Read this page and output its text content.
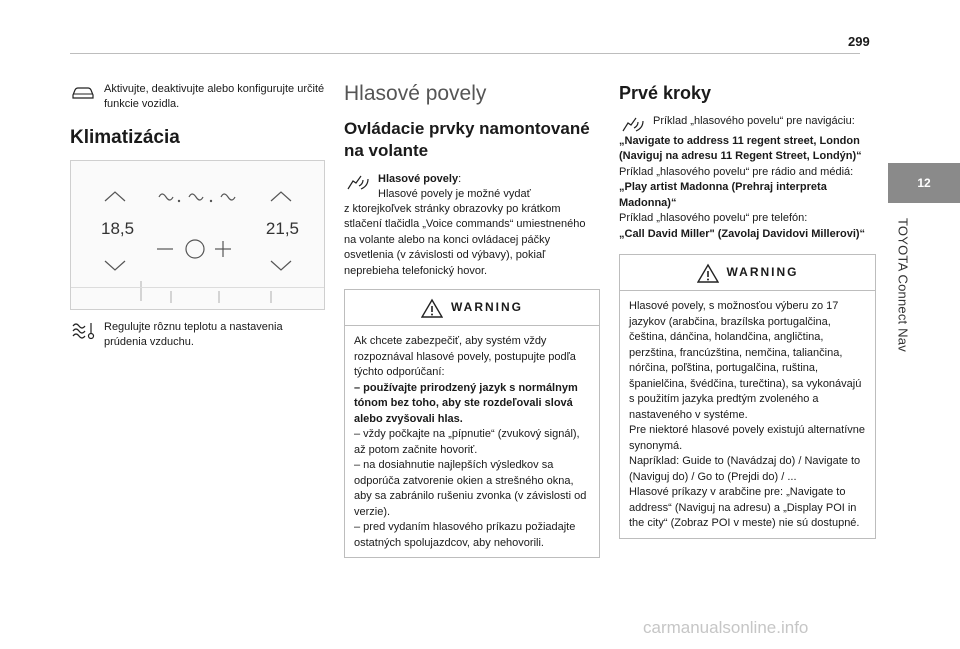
299
12
TOYOTA Connect Nav
Aktivujte, deaktivujte alebo konfigurujte určité funkcie vozidla.
Klimatizácia
18,5	21,5
Regulujte rôznu teplotu a nastavenia prúdenia vzduchu.
Hlasové povely
Ovládacie prvky namontované na volante
Hlasové povely:
Hlasové povely je možné vydať
z ktorejkoľvek stránky obrazovky po krátkom stlačení tlačidla „Voice commands“ umiestneného na volante alebo na konci ovládacej páčky osvetlenia (v závislosti od výbavy), pokiaľ neprebieha telefonický hovor.
WARNING
Ak chcete zabezpečiť, aby systém vždy rozpoznával hlasové povely, postupujte podľa týchto odporúčaní:
– používajte prirodzený jazyk s normálnym tónom bez toho, aby ste rozdeľovali slová alebo zvyšovali hlas.
– vždy počkajte na „pípnutie“ (zvukový signál), až potom začnite hovoriť.
– na dosiahnutie najlepších výsledkov sa odporúča zatvorenie okien a strešného okna, aby sa zabránilo rušeniu zvonka (v závislosti od verzie).
– pred vydaním hlasového príkazu požiadajte ostatných spolujazdcov, aby nehovorili.
Prvé kroky
Príklad „hlasového povelu“ pre navigáciu:
„Navigate to address 11 regent street, London (Naviguj na adresu 11 Regent Street, Londýn)“
Príklad „hlasového povelu“ pre rádio and médiá:
„Play artist Madonna (Prehraj interpreta Madonna)“
Príklad „hlasového povelu“ pre telefón:
„Call David Miller" (Zavolaj Davidovi Millerovi)“
WARNING
Hlasové povely, s možnosťou výberu zo 17 jazykov (arabčina, brazílska portugalčina, čeština, dánčina, holandčina, angličtina, perzština, francúzština, nemčina, taliančina, nórčina, poľština, portugalčina, ruština, španielčina, švédčina, turečtina), sa vykonávajú s použitím jazyka predtým zvoleného a nastaveného v systéme.
Pre niektoré hlasové povely existujú alternatívne synonymá.
Napríklad: Guide to (Navádzaj do) / Navigate to (Naviguj do) / Go to (Prejdi do) / ...
Hlasové príkazy v arabčine pre: „Navigate to address“ (Naviguj na adresu) a „Display POI in the city“ (Zobraz POI v meste) nie sú dostupné.
carmanualsonline.info
